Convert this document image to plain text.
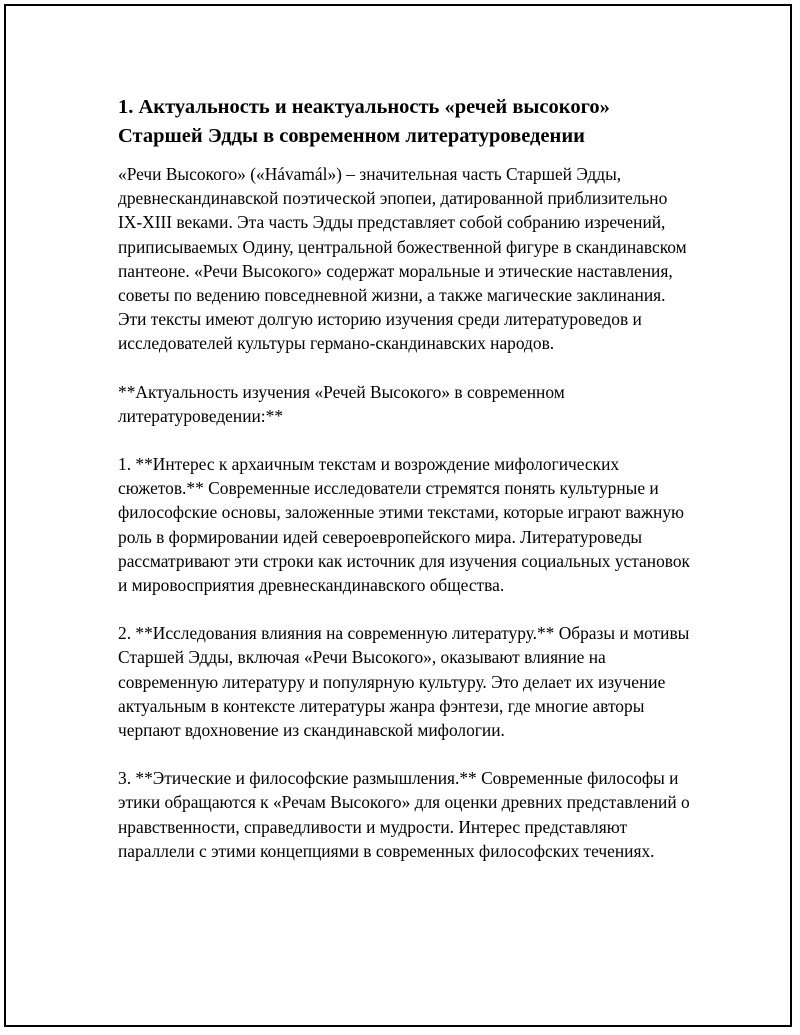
1. Актуальность и неактуальность «речей высокого» Старшей Эдды в современном литературоведении

«Речи Высокого» («Hávamál») – значительная часть Старшей Эдды, древнескандинавской поэтической эпопеи, датированной приблизительно IX-XIII веками. Эта часть Эдды представляет собой собранию изречений, приписываемых Одину, центральной божественной фигуре в скандинавском пантеоне. «Речи Высокого» содержат моральные и этические наставления, советы по ведению повседневной жизни, а также магические заклинания. Эти тексты имеют долгую историю изучения среди литературоведов и исследователей культуры германо-скандинавских народов.

**Актуальность изучения «Речей Высокого» в современном литературоведении:**

1. **Интерес к архаичным текстам и возрождение мифологических сюжетов.** Современные исследователи стремятся понять культурные и философские основы, заложенные этими текстами, которые играют важную роль в формировании идей североевропейского мира. Литературоведы рассматривают эти строки как источник для изучения социальных установок и мировосприятия древнескандинавского общества.

2. **Исследования влияния на современную литературу.** Образы и мотивы Старшей Эдды, включая «Речи Высокого», оказывают влияние на современную литературу и популярную культуру. Это делает их изучение актуальным в контексте литературы жанра фэнтези, где многие авторы черпают вдохновение из скандинавской мифологии.

3. **Этические и философские размышления.** Современные философы и этики обращаются к «Речам Высокого» для оценки древних представлений о нравственности, справедливости и мудрости. Интерес представляют параллели с этими концепциями в современных философских течениях.
